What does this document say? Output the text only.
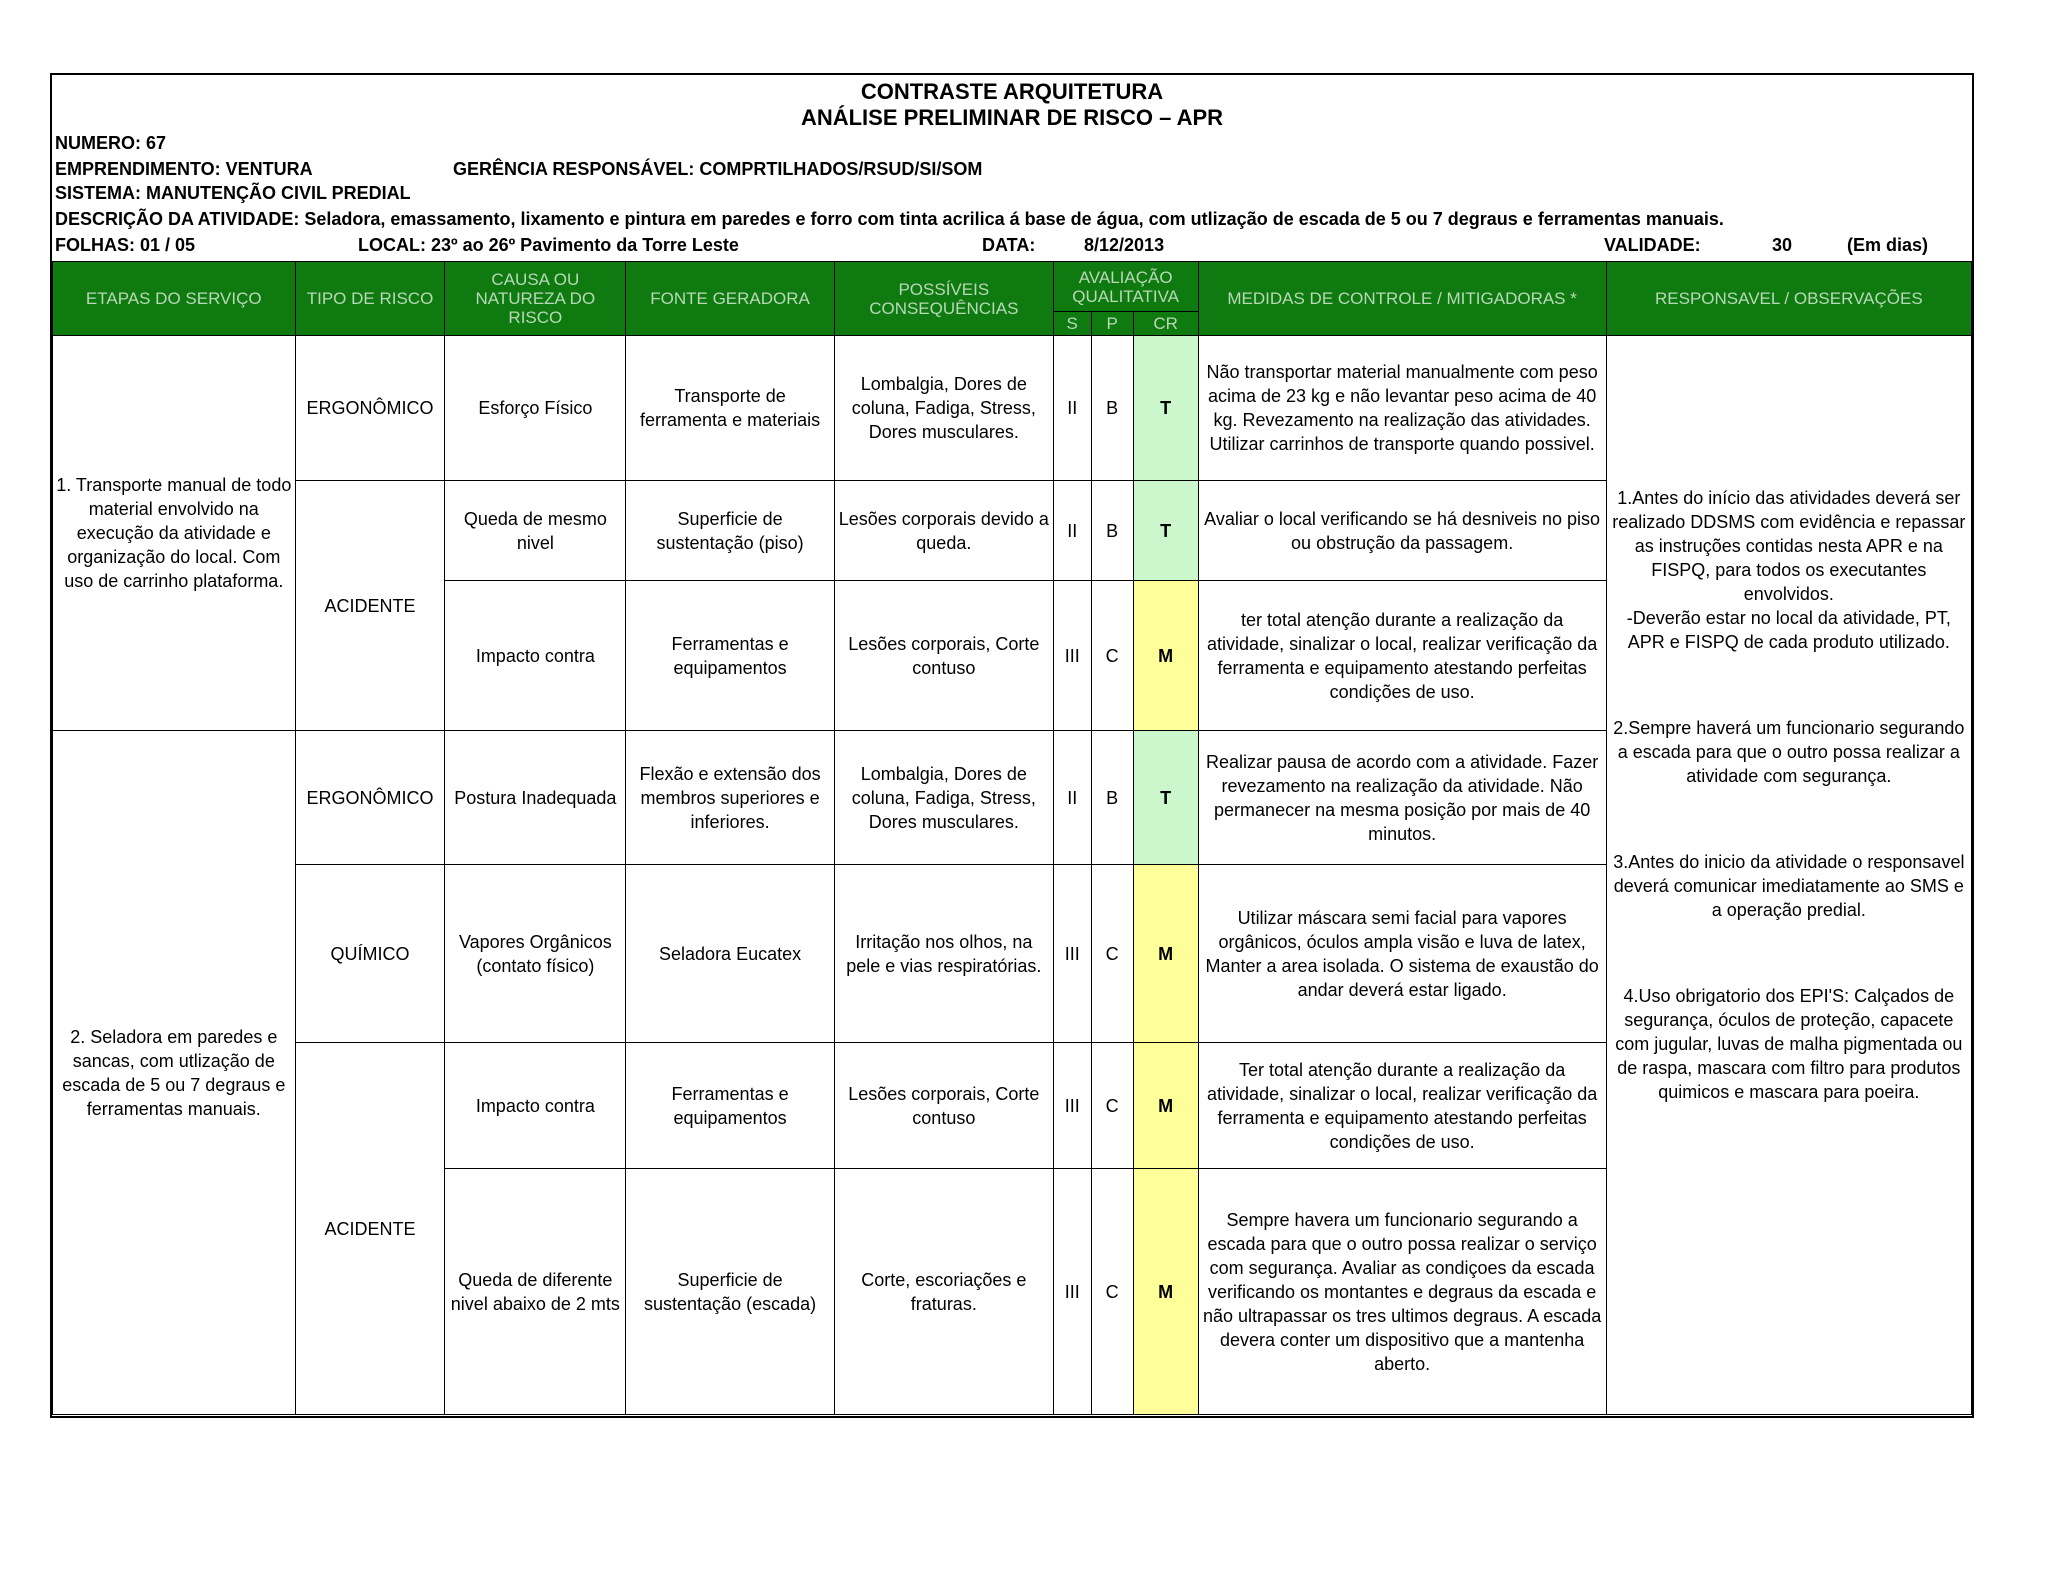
CONTRASTE ARQUITETURA
ANÁLISE PRELIMINAR DE RISCO – APR
NUMERO: 67
EMPRENDIMENTO: VENTURA	GERÊNCIA RESPONSÁVEL: COMPRTILHADOS/RSUD/SI/SOM
SISTEMA: MANUTENÇÃO CIVIL PREDIAL
DESCRIÇÃO DA ATIVIDADE: Seladora, emassamento, lixamento e pintura em paredes e forro com tinta acrilica á base de água, com utlização de escada de 5 ou 7 degraus e ferramentas manuais.
FOLHAS: 01 / 05	LOCAL: 23º ao 26º Pavimento da Torre Leste	DATA:	8/12/2013	VALIDADE:	30	(Em dias)
ETAPAS DO SERVIÇO	TIPO DE RISCO	CAUSA OU NATUREZA DO RISCO	FONTE GERADORA	POSSÍVEIS CONSEQUÊNCIAS	AVALIAÇÃO QUALITATIVA			MEDIDAS DE CONTROLE / MITIGADORAS *	RESPONSAVEL / OBSERVAÇÕES
					S	P	CR		
1. Transporte manual de todo material envolvido na execução da atividade e organização do local. Com uso de carrinho plataforma.	ERGONÔMICO	Esforço Físico	Transporte de ferramenta e materiais	Lombalgia, Dores de coluna, Fadiga, Stress, Dores musculares.	II	B	T	Não transportar material manualmente com peso acima de 23 kg e não levantar peso acima de 40 kg. Revezamento na realização das atividades. Utilizar carrinhos de transporte quando possivel.	1.Antes do início das atividades deverá ser realizado DDSMS com evidência e repassar as instruções contidas nesta APR e na FISPQ, para todos os executantes envolvidos.
-Deverão estar no local da atividade, PT, APR e FISPQ de cada produto utilizado.
2.Sempre haverá um funcionario segurando a escada para que o outro possa realizar a atividade com segurança.
3.Antes do inicio da atividade o responsavel deverá comunicar imediatamente ao SMS e a operação predial.
4.Uso obrigatorio dos EPI'S: Calçados de segurança, óculos de proteção, capacete com jugular, luvas de malha pigmentada ou de raspa, mascara com filtro para produtos quimicos e mascara para poeira.

	ACIDENTE	Queda de mesmo nivel	Superficie de sustentação (piso)	Lesões corporais devido a queda.	II	B	T	Avaliar o local verificando se há desniveis no piso ou obstrução da passagem.	
		Impacto contra	Ferramentas e equipamentos	Lesões corporais, Corte contuso	III	C	M	ter total atenção durante a realização da atividade, sinalizar o local, realizar verificação da ferramenta e equipamento atestando perfeitas condições de uso.	
2. Seladora em paredes e sancas, com utlização de escada de 5 ou 7 degraus e ferramentas manuais.	ERGONÔMICO	Postura Inadequada	Flexão e extensão dos membros superiores e inferiores.	Lombalgia, Dores de coluna, Fadiga, Stress, Dores musculares.	II	B	T	Realizar pausa de acordo com a atividade. Fazer revezamento na realização da atividade. Não permanecer na mesma posição por mais de 40 minutos.	
	QUÍMICO	Vapores Orgânicos (contato físico)	Seladora Eucatex	Irritação nos olhos, na pele e vias respiratórias.	III	C	M	Utilizar máscara semi facial para vapores orgânicos, óculos ampla visão e luva de latex, Manter a area isolada. O sistema de exaustão do andar deverá estar ligado.	
	ACIDENTE	Impacto contra	Ferramentas e equipamentos	Lesões corporais, Corte contuso	III	C	M	Ter total atenção durante a realização da atividade, sinalizar o local, realizar verificação da ferramenta e equipamento atestando perfeitas condições de uso.	
		Queda de diferente nivel abaixo de 2 mts	Superficie de sustentação (escada)	Corte, escoriações e fraturas.	III	C	M	Sempre havera um funcionario segurando a escada para que o outro possa realizar o serviço com segurança. Avaliar as condiçoes da escada verificando os montantes e degraus da escada e não ultrapassar os tres ultimos degraus. A escada devera conter um dispositivo que a mantenha aberto.	
